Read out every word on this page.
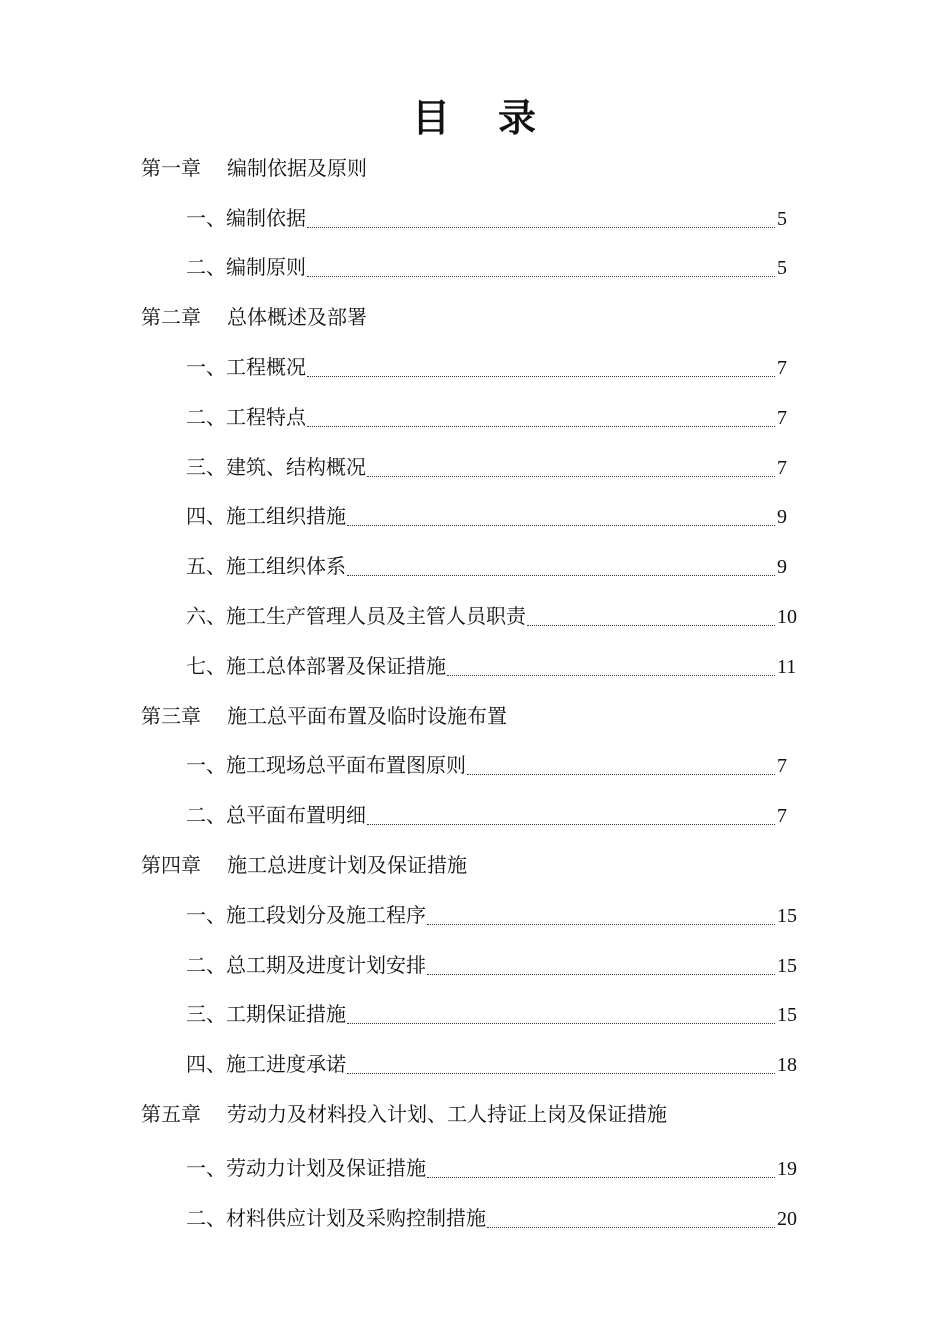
目 录
第一章 编制依据及原则
一、编制依据	5
二、编制原则	5
第二章 总体概述及部署
一、工程概况	7
二、工程特点	7
三、建筑、结构概况	7
四、施工组织措施	9
五、施工组织体系	9
六、施工生产管理人员及主管人员职责	10
七、施工总体部署及保证措施	11
第三章 施工总平面布置及临时设施布置
一、施工现场总平面布置图原则	7
二、总平面布置明细	7
第四章 施工总进度计划及保证措施
一、施工段划分及施工程序	15
二、总工期及进度计划安排	15
三、工期保证措施	15
四、施工进度承诺	18
第五章 劳动力及材料投入计划、工人持证上岗及保证措施
一、劳动力计划及保证措施	19
二、材料供应计划及采购控制措施	20
